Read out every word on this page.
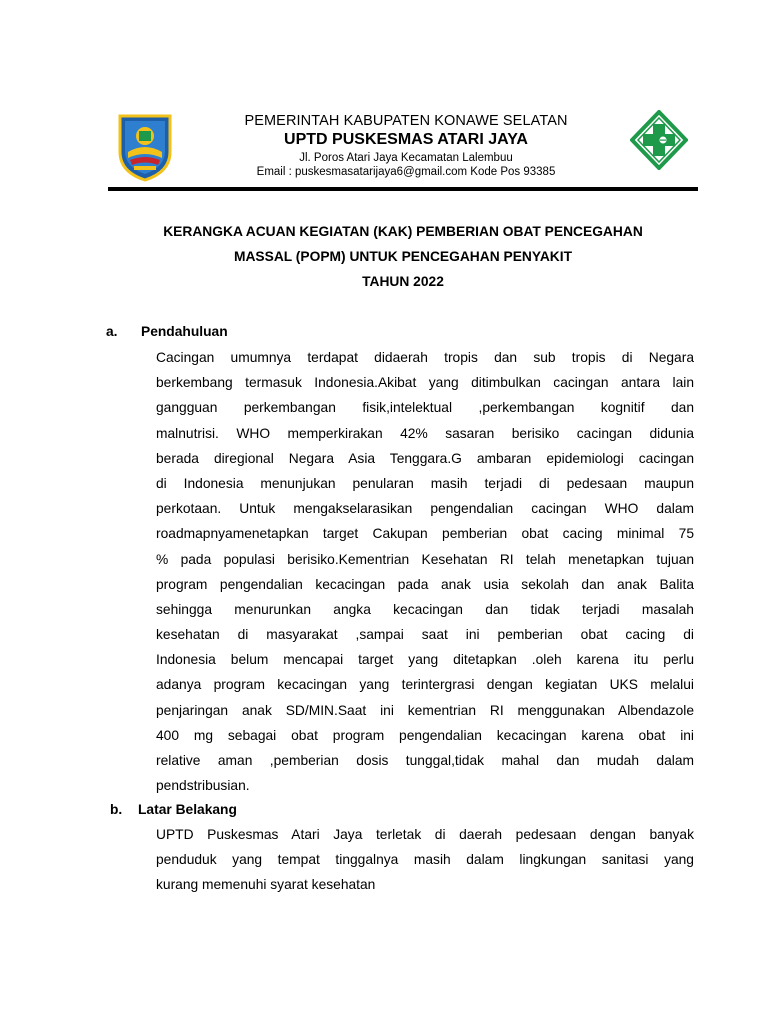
PEMERINTAH KABUPATEN KONAWE SELATAN
UPTD PUSKESMAS ATARI JAYA
Jl. Poros Atari Jaya Kecamatan Lalembuu
Email : puskesmasatarijaya6@gmail.com Kode Pos 93385
KERANGKA ACUAN KEGIATAN (KAK) PEMBERIAN OBAT PENCEGAHAN
MASSAL (POPM) UNTUK PENCEGAHAN PENYAKIT
TAHUN 2022
a. Pendahuluan
Cacingan umumnya terdapat didaerah tropis dan sub tropis di Negara
berkembang termasuk Indonesia.Akibat yang ditimbulkan cacingan antara lain
gangguan perkembangan fisik,intelektual ,perkembangan kognitif dan
malnutrisi. WHO memperkirakan 42% sasaran berisiko cacingan didunia
berada diregional Negara Asia Tenggara.G ambaran epidemiologi cacingan
di Indonesia menunjukan penularan masih terjadi di pedesaan maupun
perkotaan. Untuk mengakselarasikan pengendalian cacingan WHO dalam
roadmapnyamenetapkan target Cakupan pemberian obat cacing minimal 75
% pada populasi berisiko.Kementrian Kesehatan RI telah menetapkan tujuan
program pengendalian kecacingan pada anak usia sekolah dan anak Balita
sehingga menurunkan angka kecacingan dan tidak terjadi masalah
kesehatan di masyarakat ,sampai saat ini pemberian obat cacing di
Indonesia belum mencapai target yang ditetapkan .oleh karena itu perlu
adanya program kecacingan yang terintergrasi dengan kegiatan UKS melalui
penjaringan anak SD/MIN.Saat ini kementrian RI menggunakan Albendazole
400 mg sebagai obat program pengendalian kecacingan karena obat ini
relative aman ,pemberian dosis tunggal,tidak mahal dan mudah dalam
pendstribusian.
b. Latar Belakang
UPTD Puskesmas Atari Jaya terletak di daerah pedesaan dengan banyak
penduduk yang tempat tinggalnya masih dalam lingkungan sanitasi yang
kurang memenuhi syarat kesehatan
